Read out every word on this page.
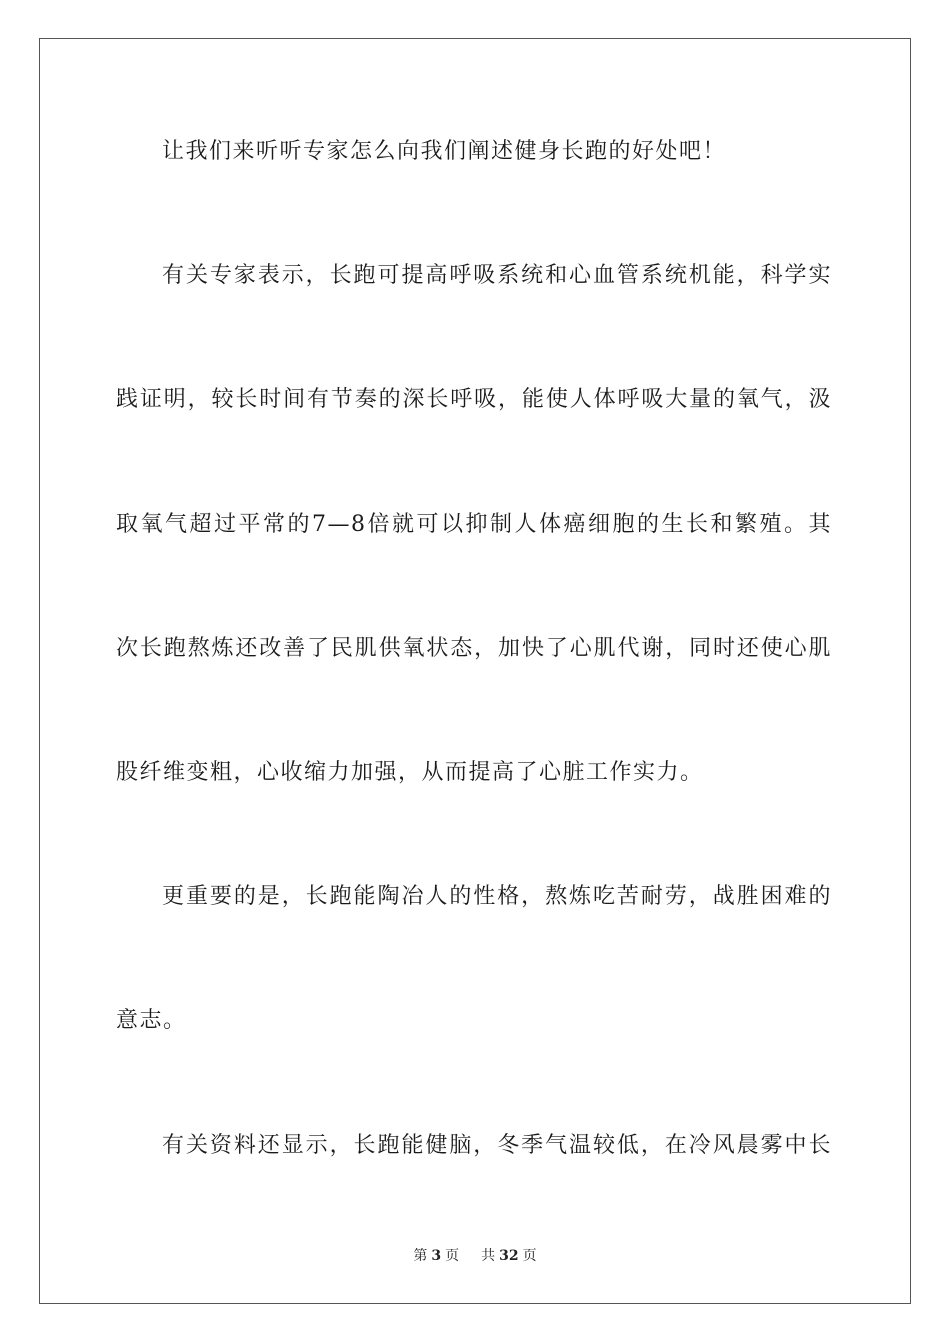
让我们来听听专家怎么向我们阐述健身长跑的好处吧！
有关专家表示，长跑可提高呼吸系统和心血管系统机能，科学实
践证明，较长时间有节奏的深长呼吸，能使人体呼吸大量的氧气，汲
取氧气超过平常的7—8倍就可以抑制人体癌细胞的生长和繁殖。其
次长跑熬炼还改善了民肌供氧状态，加快了心肌代谢，同时还使心肌
股纤维变粗，心收缩力加强，从而提高了心脏工作实力。
更重要的是，长跑能陶冶人的性格，熬炼吃苦耐劳，战胜困难的
意志。
有关资料还显示，长跑能健脑，冬季气温较低，在冷风晨雾中长
第 3 页 共 32 页
